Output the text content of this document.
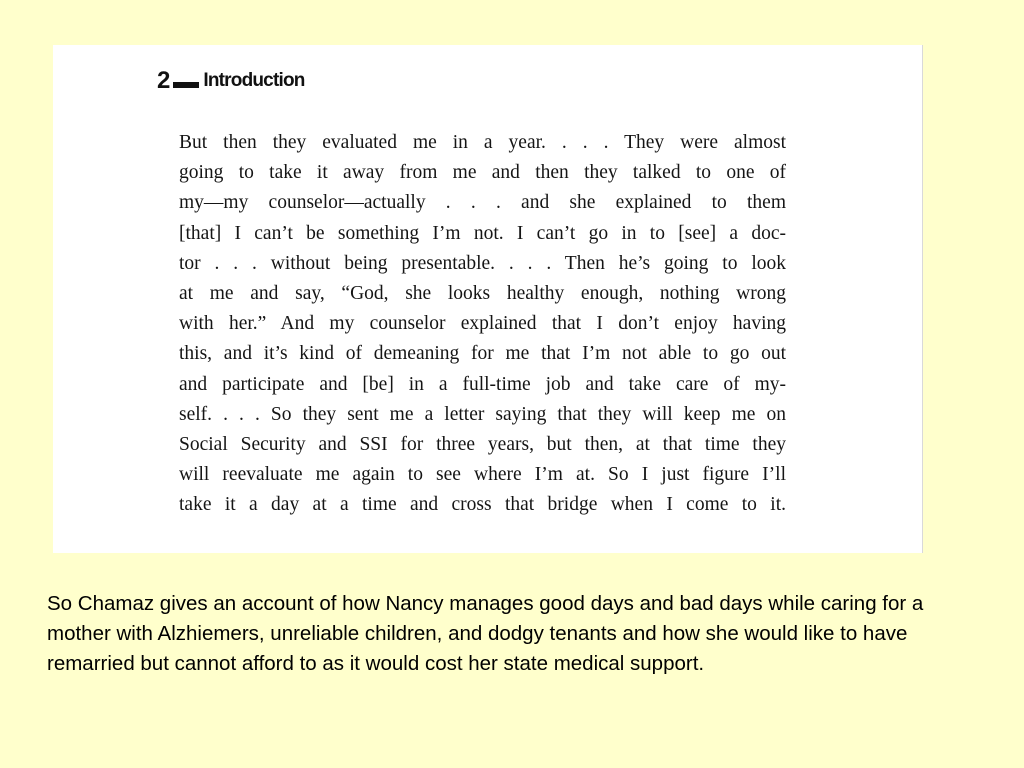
2 Introduction

But then they evaluated me in a year. . . . They were almost
going to take it away from me and then they talked to one of
my—my counselor—actually . . . and she explained to them
[that] I can’t be something I’m not. I can’t go in to [see] a doc-
tor . . . without being presentable. . . . Then he’s going to look
at me and say, “God, she looks healthy enough, nothing wrong
with her.” And my counselor explained that I don’t enjoy having
this, and it’s kind of demeaning for me that I’m not able to go out
and participate and [be] in a full-time job and take care of my-
self. . . . So they sent me a letter saying that they will keep me on
Social Security and SSI for three years, but then, at that time they
will reevaluate me again to see where I’m at. So I just figure I’ll
take it a day at a time and cross that bridge when I come to it.

So Chamaz gives an account of how Nancy manages good days and bad days while caring for a mother with Alzhiemers, unreliable children, and dodgy tenants and how she would like to have remarried but cannot afford to as it would cost her state medical support.
